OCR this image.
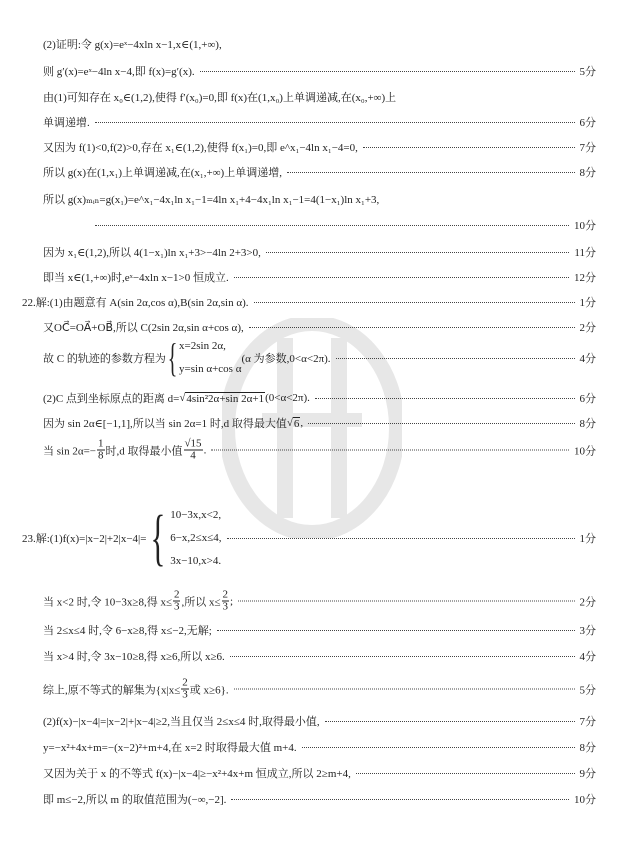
(2)证明:令 g(x)=eˣ−4xln x−1,x∈(1,+∞),
则 g′(x)=eˣ−4ln x−4,即 f(x)=g′(x).	5分
由(1)可知存在 x₀∈(1,2),使得 f′(x₀)=0,即 f(x)在(1,x₀)上单调递减,在(x₀,+∞)上
单调递增.	6分
又因为 f(1)<0,f(2)>0,存在 x₁∈(1,2),使得 f(x₁)=0,即 e^x₁−4ln x₁−4=0,	7分
所以 g(x)在(1,x₁)上单调递减,在(x₁,+∞)上单调递增,	8分
所以 g(x)ₘᵢₙ=g(x₁)=e^x₁−4x₁ln x₁−1=4ln x₁+4−4x₁ln x₁−1=4(1−x₁)ln x₁+3,
10分
因为 x₁∈(1,2),所以 4(1−x₁)ln x₁+3>−4ln 2+3>0,	11分
即当 x∈(1,+∞)时,eˣ−4xln x−1>0 恒成立.	12分
22.解:(1)由题意有 A(sin 2α,cos α),B(sin 2α,sin α).	1分
又OC⃗=OA⃗+OB⃗,所以 C(2sin 2α,sin α+cos α),	2分
故 C 的轨迹的参数方程为 { x=2sin 2α,
y=sin α+cos α
(α 为参数,0<α<2π).	4分
(2)C 点到坐标原点的距离 d= √ 4sin²2α+sin 2α+1 (0<α<2π).	6分
因为 sin 2α∈[−1,1],所以当 sin 2α=1 时,d 取得最大值 √ 6 ,	8分
当 $\sin 2\alpha=- \frac{1}{8}$ 时,d 取得最小值 $\frac{√15}{4}$ .	10分
23.解:(1)f(x)=|x−2|+2|x−4|= { 10−3x,x<2,
6−x,2≤x≤4,
3x−10,x>4.
1分
当 x<2 时,令 10−3x≥8,得 $x\le \frac{2}{3}$ ,所以 $x\le \frac{2}{3}$ ;	2分
当 2≤x≤4 时,令 6−x≥8,得 x≤−2,无解;	3分
当 x>4 时,令 3x−10≥8,得 x≥6,所以 x≥6.	4分
综上,原不等式的解集为{$x|x\le \frac{2}{3}$ 或 x≥6}.	5分
(2)f(x)−|x−4|=|x−2|+|x−4|≥2,当且仅当 2≤x≤4 时,取得最小值,	7分
y=−x²+4x+m=−(x−2)²+m+4,在 x=2 时取得最大值 m+4.	8分
又因为关于 x 的不等式 f(x)−|x−4|≥−x²+4x+m 恒成立,所以 2≥m+4,	9分
即 m≤−2,所以 m 的取值范围为(−∞,−2].	10分
